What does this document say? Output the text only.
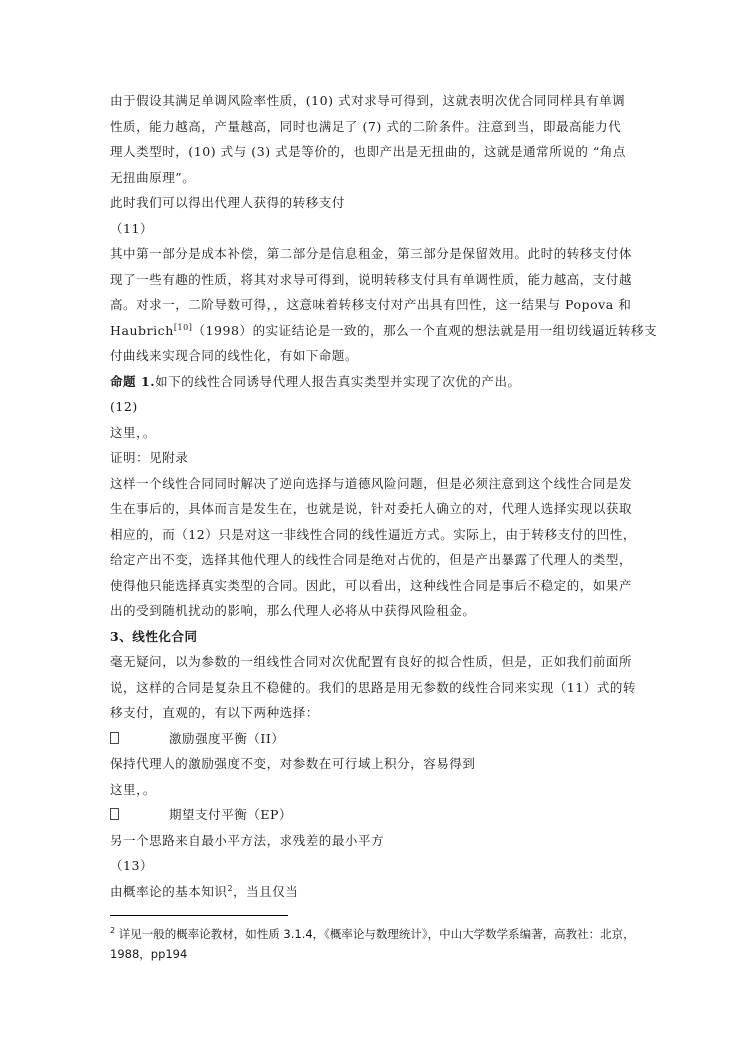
由于假设其满足单调风险率性质，(10) 式对求导可得到，这就表明次优合同同样具有单调
性质，能力越高，产量越高，同时也满足了 (7) 式的二阶条件。注意到当，即最高能力代
理人类型时，(10) 式与 (3) 式是等价的，也即产出是无扭曲的，这就是通常所说的 “角点
无扭曲原理”。
此时我们可以得出代理人获得的转移支付
（11）
其中第一部分是成本补偿，第二部分是信息租金，第三部分是保留效用。此时的转移支付体
现了一些有趣的性质，将其对求导可得到，说明转移支付具有单调性质，能力越高，支付越
高。对求一，二阶导数可得，，这意味着转移支付对产出具有凹性，这一结果与 Popova 和
Haubrich[10]（1998）的实证结论是一致的，那么一个直观的想法就是用一组切线逼近转移支
付曲线来实现合同的线性化，有如下命题。
命题 1.如下的线性合同诱导代理人报告真实类型并实现了次优的产出。
(12)
这里，。
证明：见附录
这样一个线性合同同时解决了逆向选择与道德风险问题，但是必须注意到这个线性合同是发
生在事后的，具体而言是发生在，也就是说，针对委托人确立的对，代理人选择实现以获取
相应的，而（12）只是对这一非线性合同的线性逼近方式。实际上，由于转移支付的凹性，
给定产出不变，选择其他代理人的线性合同是绝对占优的，但是产出暴露了代理人的类型，
使得他只能选择真实类型的合同。因此，可以看出，这种线性合同是事后不稳定的，如果产
出的受到随机扰动的影响，那么代理人必将从中获得风险租金。
3、线性化合同
毫无疑问，以为参数的一组线性合同对次优配置有良好的拟合性质，但是，正如我们前面所
说，这样的合同是复杂且不稳健的。我们的思路是用无参数的线性合同来实现（11）式的转
移支付，直观的，有以下两种选择：
激励强度平衡（II）
保持代理人的激励强度不变，对参数在可行域上积分，容易得到
这里，。
期望支付平衡（EP）
另一个思路来自最小平方法，求残差的最小平方
（13）
由概率论的基本知识$^2$，当且仅当
$^2$ 详见一般的概率论教材，如性质 3.1.4，《概率论与数理统计》，中山大学数学系编著，高教社：北京，
1988，pp194
